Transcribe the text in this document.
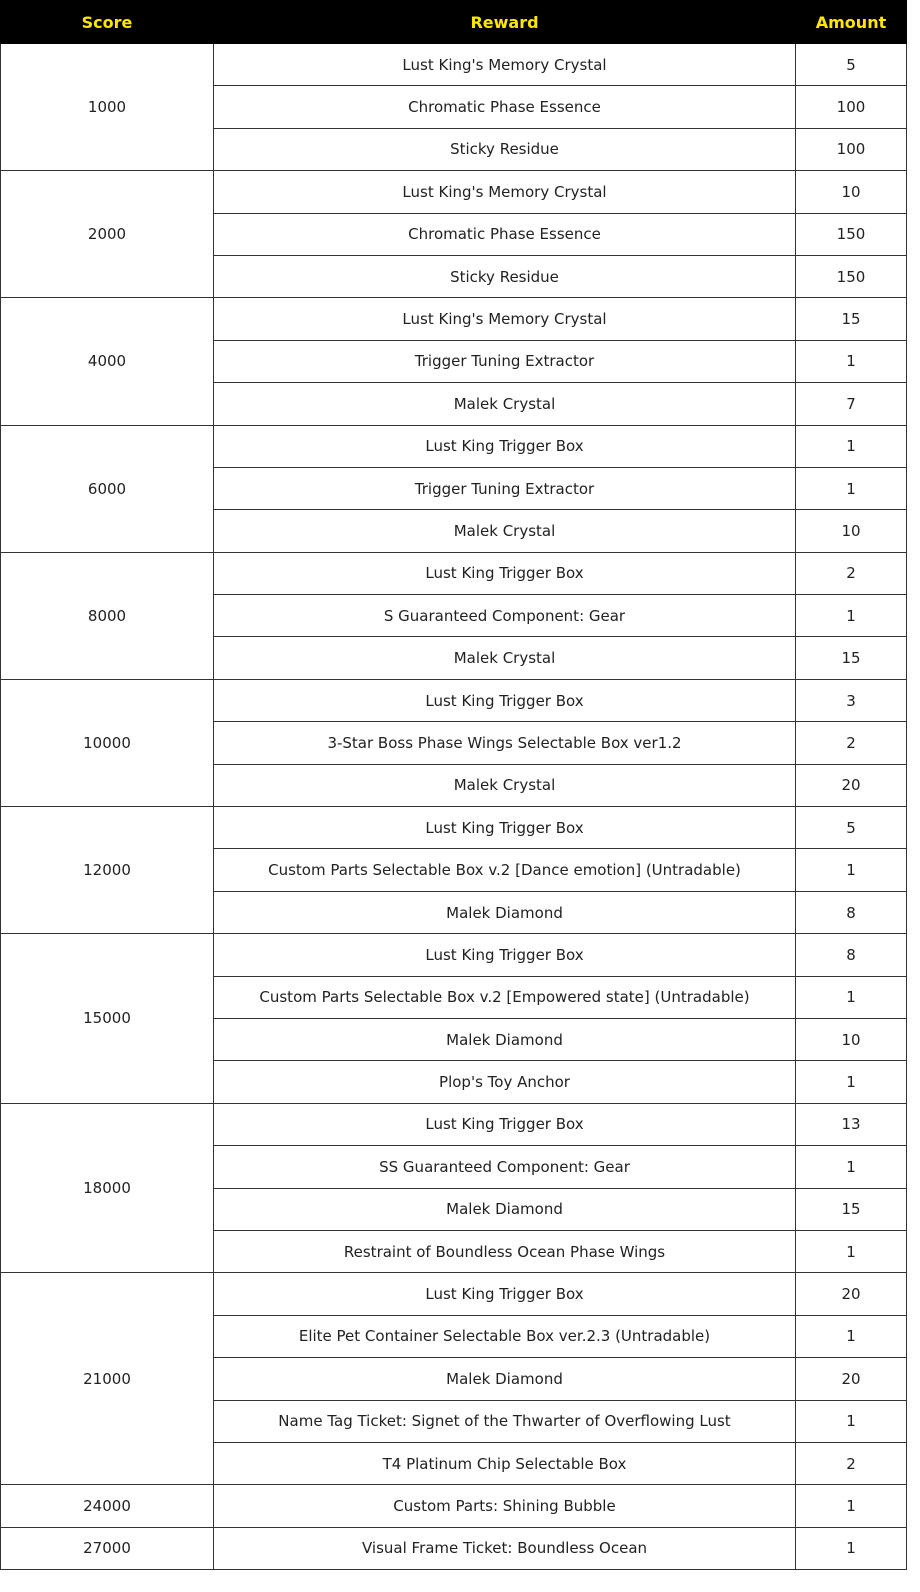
Score	Reward	Amount
1000	Lust King's Memory Crystal	5
	Chromatic Phase Essence	100
	Sticky Residue	100
2000	Lust King's Memory Crystal	10
	Chromatic Phase Essence	150
	Sticky Residue	150
4000	Lust King's Memory Crystal	15
	Trigger Tuning Extractor	1
	Malek Crystal	7
6000	Lust King Trigger Box	1
	Trigger Tuning Extractor	1
	Malek Crystal	10
8000	Lust King Trigger Box	2
	S Guaranteed Component: Gear	1
	Malek Crystal	15
10000	Lust King Trigger Box	3
	3-Star Boss Phase Wings Selectable Box ver1.2	2
	Malek Crystal	20
12000	Lust King Trigger Box	5
	Custom Parts Selectable Box v.2 [Dance emotion] (Untradable)	1
	Malek Diamond	8
15000	Lust King Trigger Box	8
	Custom Parts Selectable Box v.2 [Empowered state] (Untradable)	1
	Malek Diamond	10
	Plop's Toy Anchor	1
18000	Lust King Trigger Box	13
	SS Guaranteed Component: Gear	1
	Malek Diamond	15
	Restraint of Boundless Ocean Phase Wings	1
21000	Lust King Trigger Box	20
	Elite Pet Container Selectable Box ver.2.3 (Untradable)	1
	Malek Diamond	20
	Name Tag Ticket: Signet of the Thwarter of Overflowing Lust	1
	T4 Platinum Chip Selectable Box	2
24000	Custom Parts: Shining Bubble	1
27000	Visual Frame Ticket: Boundless Ocean	1
